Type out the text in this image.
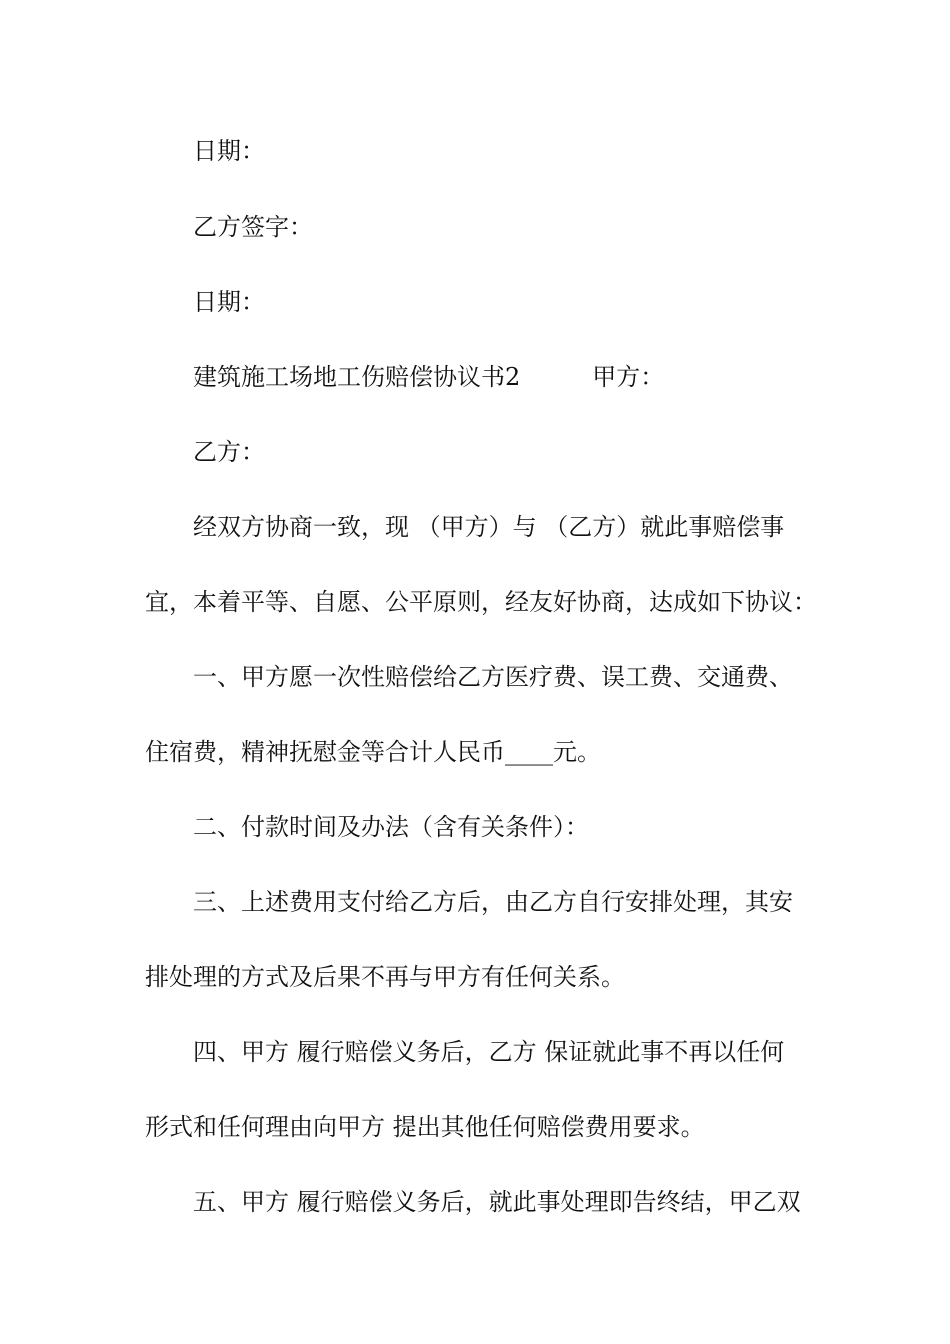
日期：
乙方签字：
日期：
建筑施工场地工伤赔偿协议书2　　　甲方：
乙方：
经双方协商一致，现 （甲方）与 （乙方）就此事赔偿事
宜，本着平等、自愿、公平原则，经友好协商，达成如下协议：
一、甲方愿一次性赔偿给乙方医疗费、误工费、交通费、
住宿费，精神抚慰金等合计人民币____元。
二、付款时间及办法（含有关条件）：
三、上述费用支付给乙方后，由乙方自行安排处理，其安
排处理的方式及后果不再与甲方有任何关系。
四、甲方 履行赔偿义务后，乙方 保证就此事不再以任何
形式和任何理由向甲方 提出其他任何赔偿费用要求。
五、甲方 履行赔偿义务后，就此事处理即告终结，甲乙双
